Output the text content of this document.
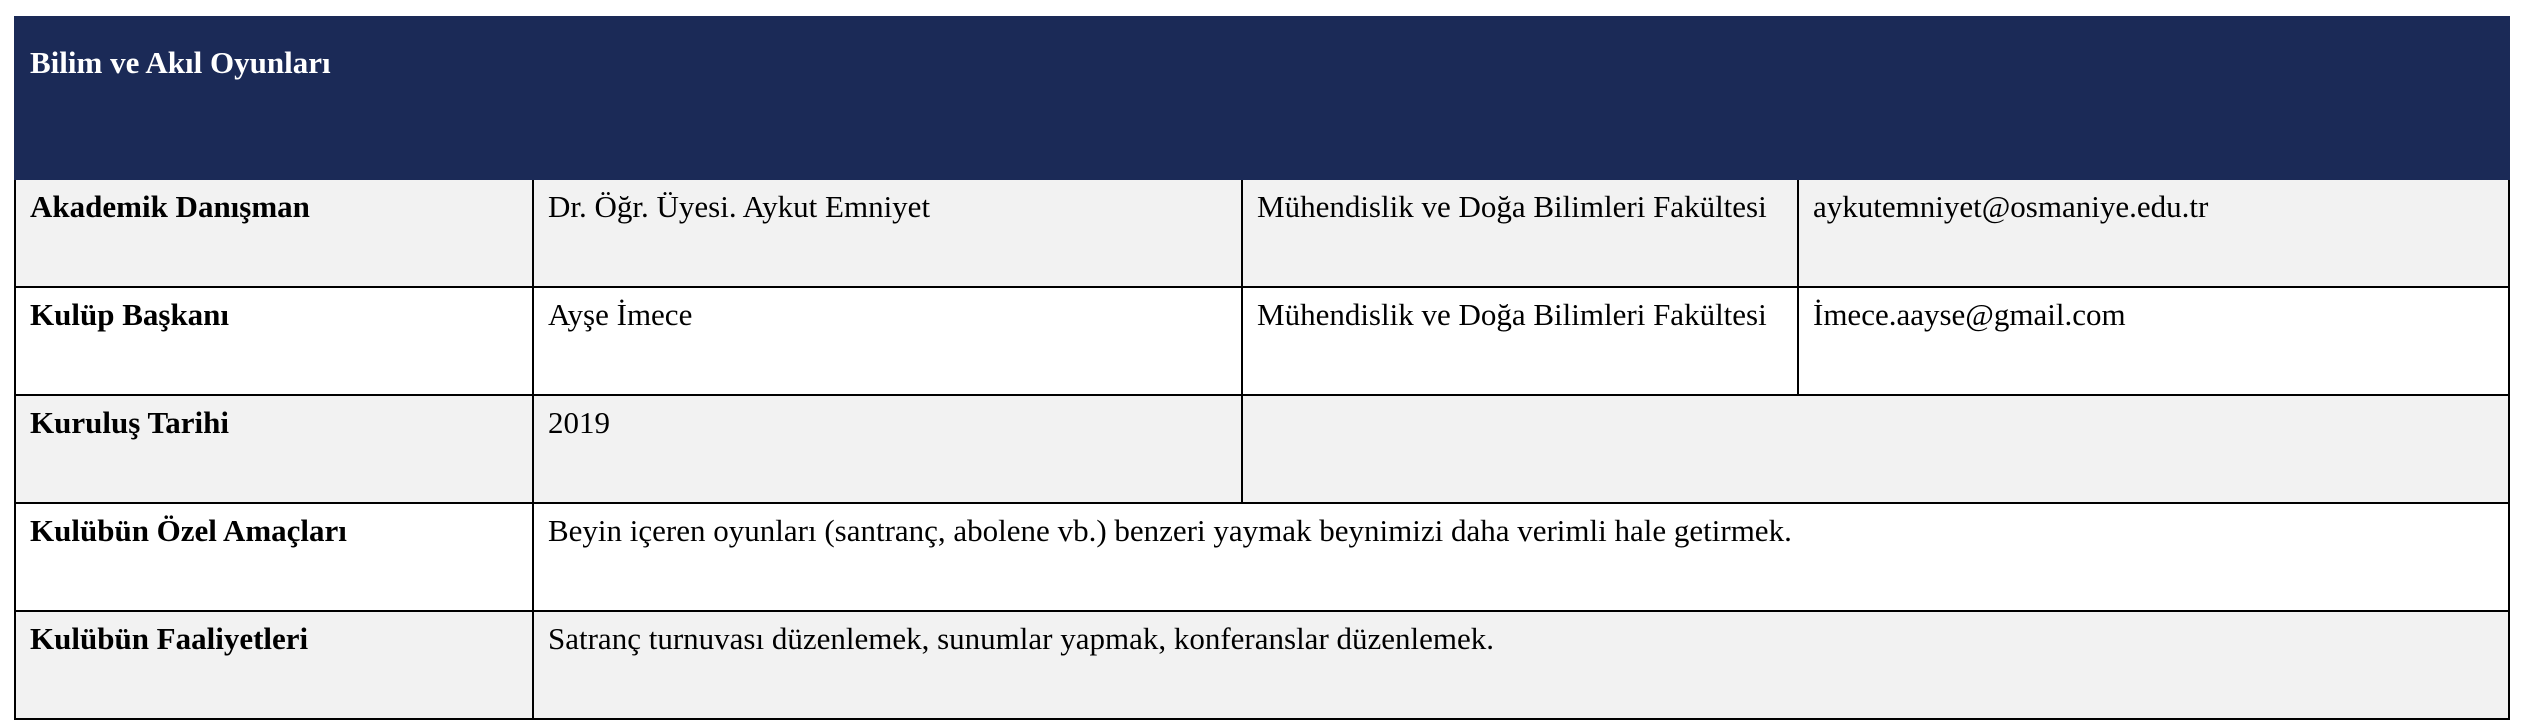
Bilim ve Akıl Oyunları			
Akademik Danışman	Dr. Öğr. Üyesi. Aykut Emniyet	Mühendislik ve Doğa Bilimleri Fakültesi	aykutemniyet@osmaniye.edu.tr
Kulüp Başkanı	Ayşe İmece	Mühendislik ve Doğa Bilimleri Fakültesi	İmece.aayse@gmail.com
Kuruluş Tarihi	2019		
Kulübün Özel Amaçları	Beyin içeren oyunları (santranç, abolene vb.) benzeri yaymak beynimizi daha verimli hale getirmek.		
Kulübün Faaliyetleri	Satranç turnuvası düzenlemek, sunumlar yapmak, konferanslar düzenlemek.		
